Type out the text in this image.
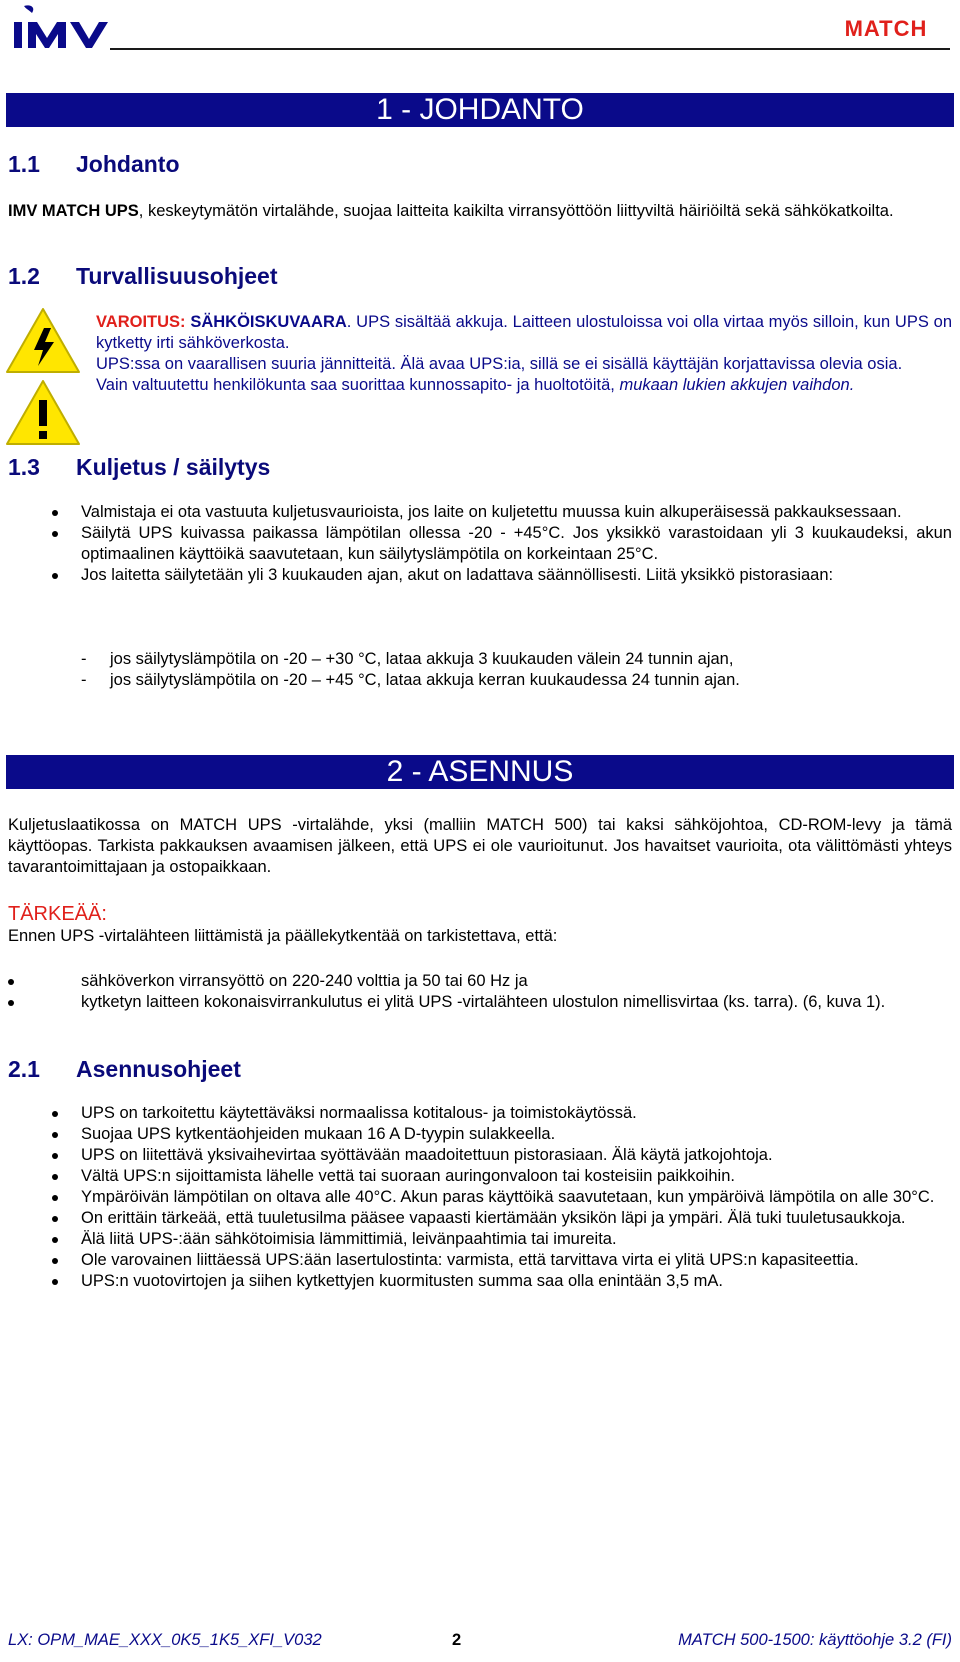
MATCH
1 - JOHDANTO
1.1 Johdanto
IMV MATCH UPS, keskeytymätön virtalähde, suojaa laitteita kaikilta virransyöttöön liittyviltä häiriöiltä sekä sähkökatkoilta.
1.2 Turvallisuusohjeet
VAROITUS: SÄHKÖISKUVAARA. UPS sisältää akkuja. Laitteen ulostuloissa voi olla virtaa myös silloin, kun UPS on kytketty irti sähköverkosta.
UPS:ssa on vaarallisen suuria jännitteitä. Älä avaa UPS:ia, sillä se ei sisällä käyttäjän korjattavissa olevia osia.
Vain valtuutettu henkilökunta saa suorittaa kunnossapito- ja huoltotöitä, mukaan lukien akkujen vaihdon.
1.3 Kuljetus / säilytys
Valmistaja ei ota vastuuta kuljetusvaurioista, jos laite on kuljetettu muussa kuin alkuperäisessä pakkauksessaan.
Säilytä UPS kuivassa paikassa lämpötilan ollessa -20 - +45°C. Jos yksikkö varastoidaan yli 3 kuukaudeksi, akun optimaalinen käyttöikä saavutetaan, kun säilytyslämpötila on korkeintaan 25°C.
Jos laitetta säilytetään yli 3 kuukauden ajan, akut on ladattava säännöllisesti. Liitä yksikkö pistorasiaan:
- jos säilytyslämpötila on -20 – +30 °C, lataa akkuja 3 kuukauden välein 24 tunnin ajan,
- jos säilytyslämpötila on -20 – +45 °C, lataa akkuja kerran kuukaudessa 24 tunnin ajan.
2 - ASENNUS
Kuljetuslaatikossa on MATCH UPS -virtalähde, yksi (malliin MATCH 500) tai kaksi sähköjohtoa, CD-ROM-levy ja tämä käyttöopas. Tarkista pakkauksen avaamisen jälkeen, että UPS ei ole vaurioitunut. Jos havaitset vaurioita, ota välittömästi yhteys tavarantoimittajaan ja ostopaikkaan.
TÄRKEÄÄ:
Ennen UPS -virtalähteen liittämistä ja päällekytkentää on tarkistettava, että:
sähköverkon virransyöttö on 220-240 volttia ja 50 tai 60 Hz ja
kytketyn laitteen kokonaisvirrankulutus ei ylitä UPS -virtalähteen ulostulon nimellisvirtaa (ks. tarra). (6, kuva 1).
2.1 Asennusohjeet
UPS on tarkoitettu käytettäväksi normaalissa kotitalous- ja toimistokäytössä.
Suojaa UPS kytkentäohjeiden mukaan 16 A D-tyypin sulakkeella.
UPS on liitettävä yksivaihevirtaa syöttävään maadoitettuun pistorasiaan. Älä käytä jatkojohtoja.
Vältä UPS:n sijoittamista lähelle vettä tai suoraan auringonvaloon tai kosteisiin paikkoihin.
Ympäröivän lämpötilan on oltava alle 40°C. Akun paras käyttöikä saavutetaan, kun ympäröivä lämpötila on alle 30°C.
On erittäin tärkeää, että tuuletusilma pääsee vapaasti kiertämään yksikön läpi ja ympäri. Älä tuki tuuletusaukkoja.
Älä liitä UPS-:ään sähkötoimisia lämmittimiä, leivänpaahtimia tai imureita.
Ole varovainen liittäessä UPS:ään lasertulostinta: varmista, että tarvittava virta ei ylitä UPS:n kapasiteettia.
UPS:n vuotovirtojen ja siihen kytkettyjen kuormitusten summa saa olla enintään 3,5 mA.
LX: OPM_MAE_XXX_0K5_1K5_XFI_V032	2	MATCH 500-1500: käyttöohje 3.2 (FI)
